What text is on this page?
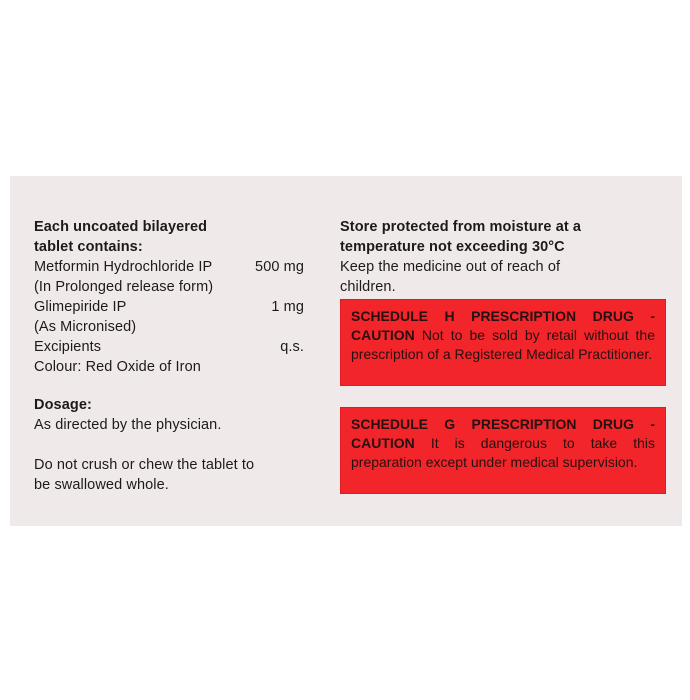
Each uncoated bilayered
tablet contains:
Metformin Hydrochloride IP	500 mg
(In Prolonged release form)
Glimepiride IP	1 mg
(As Micronised)
Excipients	q.s.
Colour: Red Oxide of Iron
Dosage:
As directed by the physician.
Do not crush or chew the tablet to
be swallowed whole.
Store protected from moisture at a
temperature not exceeding 30°C
Keep the medicine out of reach of
children.
SCHEDULE H PRESCRIPTION DRUG - CAUTION Not to be sold by retail without the prescription of a Registered Medical Practitioner.
SCHEDULE G PRESCRIPTION DRUG - CAUTION It is dangerous to take this preparation except under medical supervision.
